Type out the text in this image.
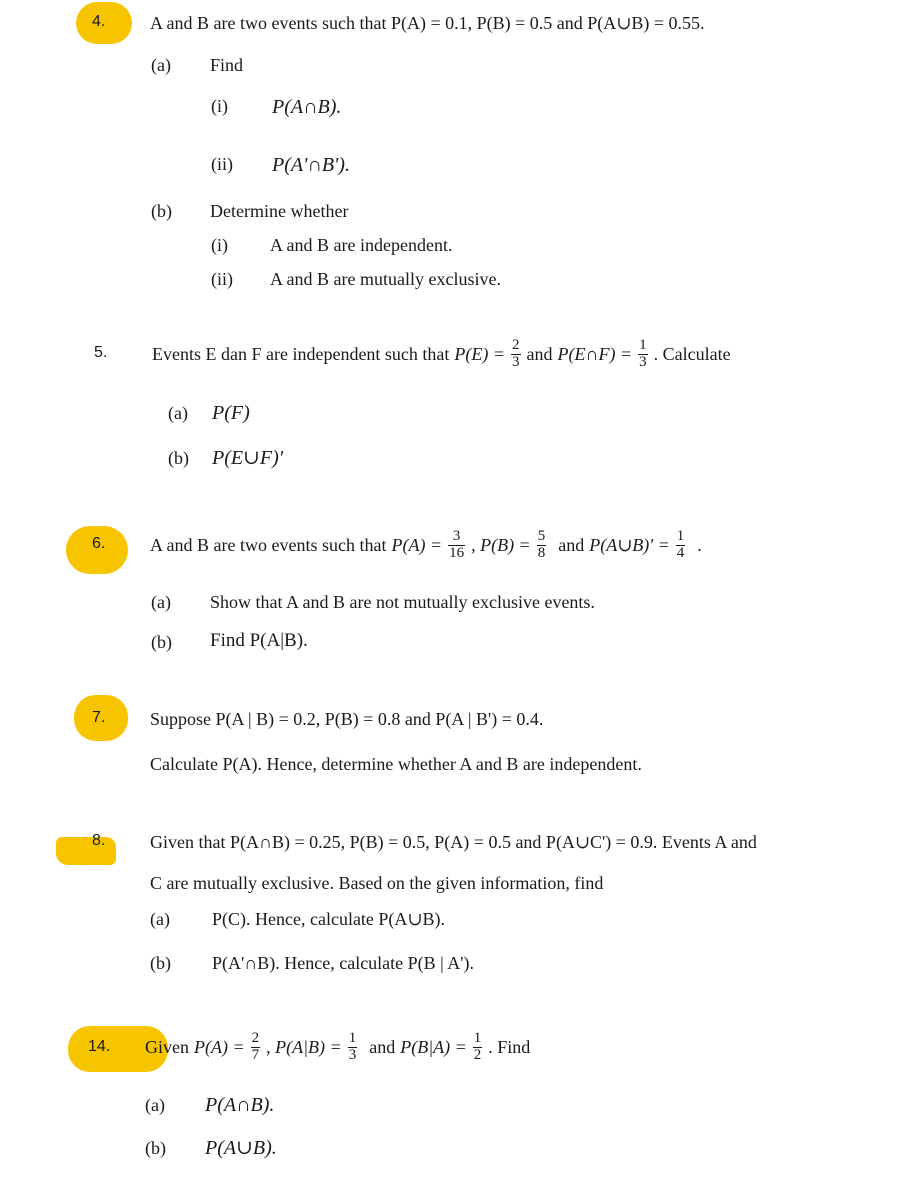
4. A and B are two events such that P(A) = 0.1, P(B) = 0.5 and P(A∪B) = 0.55.
(a) Find
(i) P(A∩B).
(ii) P(A'∩B').
(b) Determine whether
(i) A and B are independent.
(ii) A and B are mutually exclusive.
5. Events E dan F are independent such that $P(E) = \frac{2}{3}$ and P(E∩F) = $\frac{1}{3}$ . Calculate
(a) P(F)
(b) P(E∪F)'
6. A and B are two events such that $P(A) = \frac{3}{16}$ , $P(B) = \frac{5}{8}$ and P(A∪B)' = $\frac{1}{4}$ .
(a) Show that A and B are not mutually exclusive events.
(b) Find P(A|B).
7. Suppose P(A | B) = 0.2, P(B) = 0.8 and P(A | B') = 0.4.
Calculate P(A). Hence, determine whether A and B are independent.
8. Given that P(A∩B) = 0.25, P(B) = 0.5, P(A) = 0.5 and P(A∪C') = 0.9. Events A and
C are mutually exclusive. Based on the given information, find
(a) P(C). Hence, calculate P(A∪B).
(b) P(A'∩B). Hence, calculate P(B | A').
14. Given $P(A) = \frac{2}{7}$ , $P(A|B) = \frac{1}{3}$ and $P(B|A) = \frac{1}{2}$ . Find
(a) P(A∩B).
(b) P(A∪B).
